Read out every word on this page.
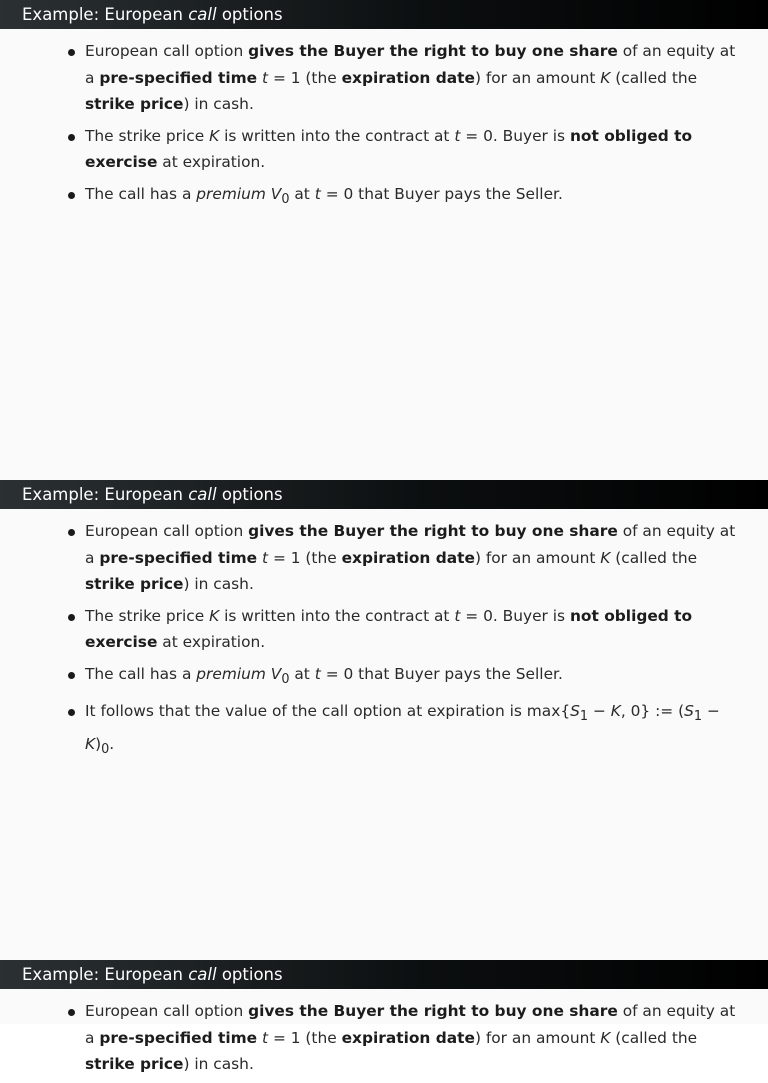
Example: European call options
European call option gives the Buyer the right to buy one share of an equity at a pre-specified time t = 1 (the expiration date) for an amount K (called the strike price) in cash.
The strike price K is written into the contract at t = 0. Buyer is not obliged to exercise at expiration.
The call has a premium $V_0$ at t = 0 that Buyer pays the Seller.
Example: European call options
European call option gives the Buyer the right to buy one share of an equity at a pre-specified time t = 1 (the expiration date) for an amount K (called the strike price) in cash.
The strike price K is written into the contract at t = 0. Buyer is not obliged to exercise at expiration.
The call has a premium $V_0$ at t = 0 that Buyer pays the Seller.
It follows that the value of the call option at expiration is $\max\{S_1 - K$, 0} := $(S_1 - K)_0$.
Example: European call options
European call option gives the Buyer the right to buy one share of an equity at a pre-specified time t = 1 (the expiration date) for an amount K (called the strike price) in cash.
